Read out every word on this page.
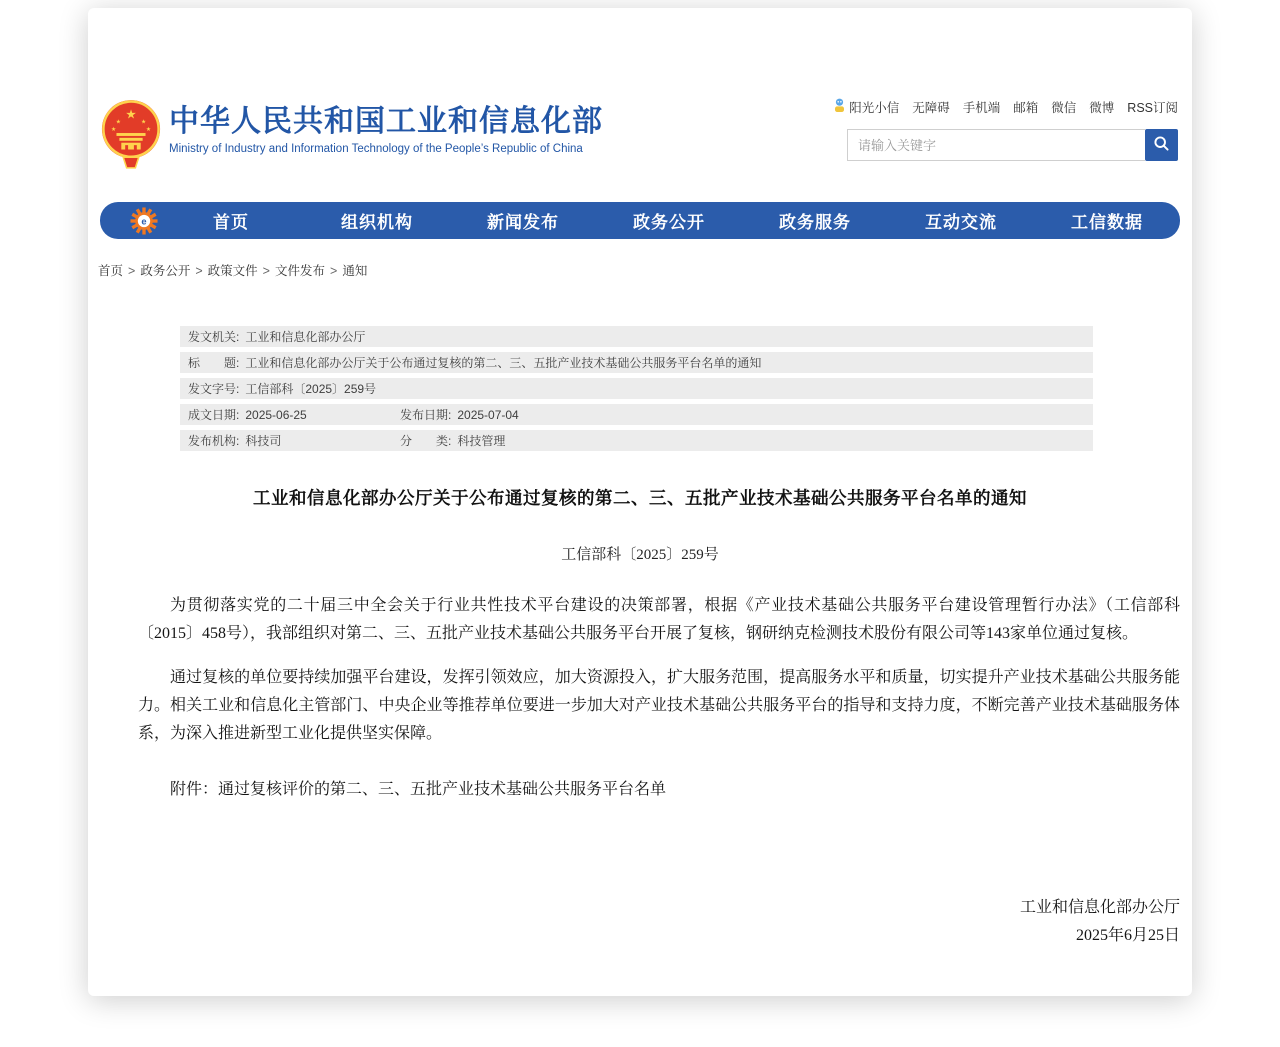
★
★	★
★	★ 中华人民共和国工业和信息化部
Ministry of Industry and Information Technology of the People’s Republic of China
阳光小信 无障碍 手机端 邮箱 微信 微博 RSS订阅
请输入关键字
e	首页	组织机构	新闻发布	政务公开	政务服务	互动交流	工信数据
首页 > 政务公开 > 政策文件 > 文件发布 > 通知
发文机关: 工业和信息化部办公厅
标　　题: 工业和信息化部办公厅关于公布通过复核的第二、三、五批产业技术基础公共服务平台名单的通知
发文字号: 工信部科〔2025〕259号
成文日期: 2025-06-25	发布日期: 2025-07-04
发布机构: 科技司	分　　类: 科技管理
工业和信息化部办公厅关于公布通过复核的第二、三、五批产业技术基础公共服务平台名单的通知
工信部科〔2025〕259号

为贯彻落实党的二十届三中全会关于行业共性技术平台建设的决策部署，根据《产业技术基础公共服务平台建设管理暂行办法》（工信部科〔2015〕458号），我部组织对第二、三、五批产业技术基础公共服务平台开展了复核，钢研纳克检测技术股份有限公司等143家单位通过复核。

通过复核的单位要持续加强平台建设，发挥引领效应，加大资源投入，扩大服务范围，提高服务水平和质量，切实提升产业技术基础公共服务能力。相关工业和信息化主管部门、中央企业等推荐单位要进一步加大对产业技术基础公共服务平台的指导和支持力度，不断完善产业技术基础服务体系，为深入推进新型工业化提供坚实保障。

附件：通过复核评价的第二、三、五批产业技术基础公共服务平台名单

工业和信息化部办公厅
2025年6月25日
